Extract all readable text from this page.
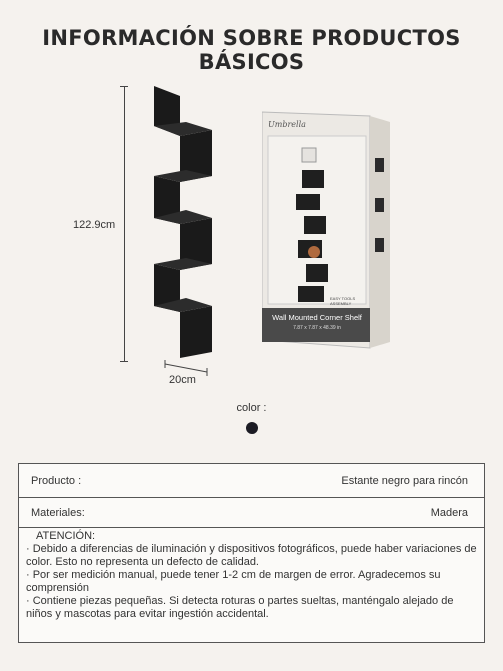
INFORMACIÓN SOBRE PRODUCTOS BÁSICOS
122.9cm
20cm
Umbrella
EASY TOOLS ASSEMBLY
Wall Mounted Corner Shelf
7.87 x 7.87 x 48.39 in
color :
Producto :	Estante negro para rincón
Materiales:	Madera

ATENCIÓN:

· Debido a diferencias de iluminación y dispositivos fotográficos, puede haber variaciones de color. Esto no representa un defecto de calidad.

· Por ser medición manual, puede tener 1-2 cm de margen de error. Agradecemos su comprensión

· Contiene piezas pequeñas. Si detecta roturas o partes sueltas, manténgalo alejado de niños y mascotas para evitar ingestión accidental.
